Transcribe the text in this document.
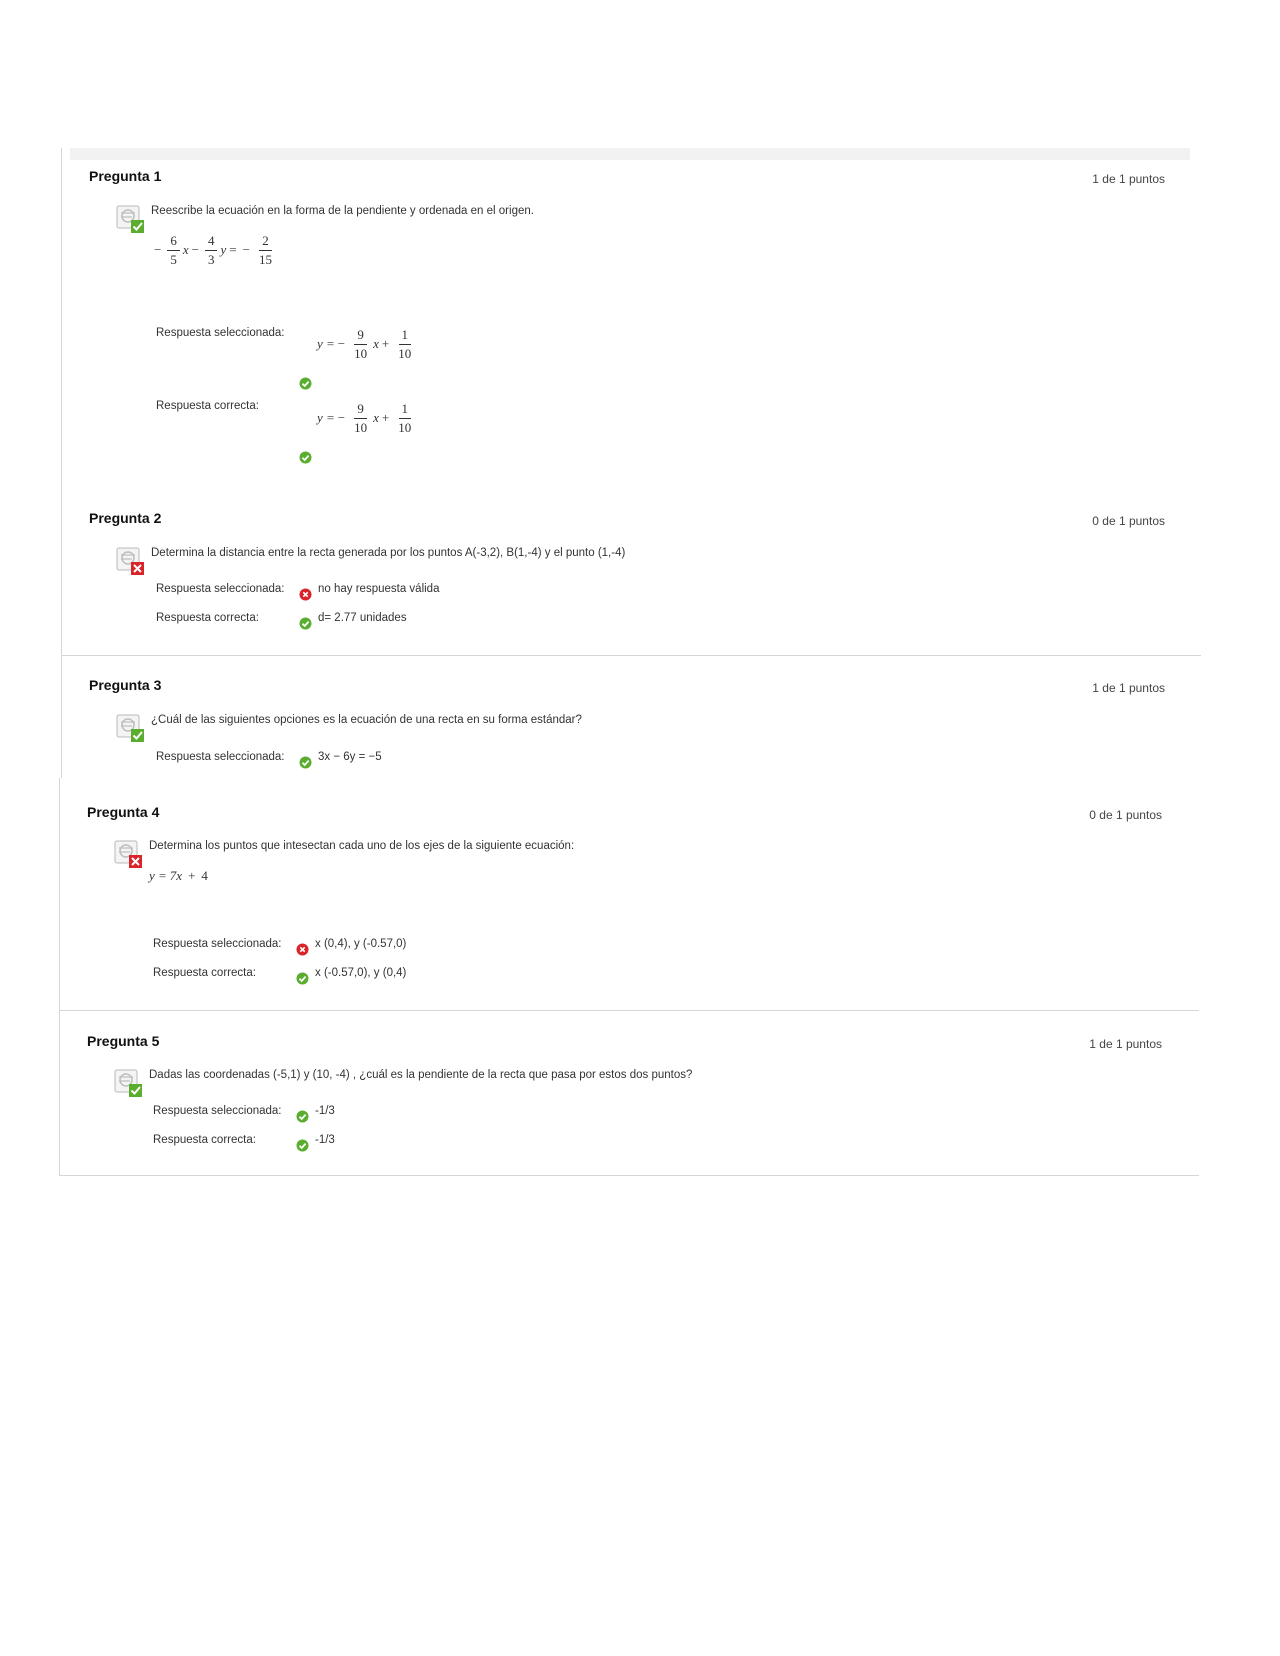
Pregunta 1	1 de 1 puntos
Reescribe la ecuación en la forma de la pendiente y ordenada en el origen.
− $\frac{6}{5}$ $x - \frac{4}{3}$ y = − $\frac{2}{15}$
Respuesta seleccionada:
y = − $\frac{9}{10}$ $x + \frac{1}{10}$
Respuesta correcta:
y = − $\frac{9}{10}$ $x + \frac{1}{10}$
Pregunta 2	0 de 1 puntos
Determina la distancia entre la recta generada por los puntos A(-3,2), B(1,-4) y el punto (1,-4)
Respuesta seleccionada:	no hay respuesta válida
Respuesta correcta:	d= 2.77 unidades
Pregunta 3	1 de 1 puntos
¿Cuál de las siguientes opciones es la ecuación de una recta en su forma estándar?
Respuesta seleccionada:	3x − 6y = −5
Pregunta 4	0 de 1 puntos
Determina los puntos que intesectan cada uno de los ejes de la siguiente ecuación:
y = 7x + 4
Respuesta seleccionada:	x (0,4), y (-0.57,0)
Respuesta correcta:	x (-0.57,0), y (0,4)
Pregunta 5	1 de 1 puntos
Dadas las coordenadas (-5,1) y (10, -4) , ¿cuál es la pendiente de la recta que pasa por estos dos puntos?
Respuesta seleccionada:	-1/3
Respuesta correcta:	-1/3
